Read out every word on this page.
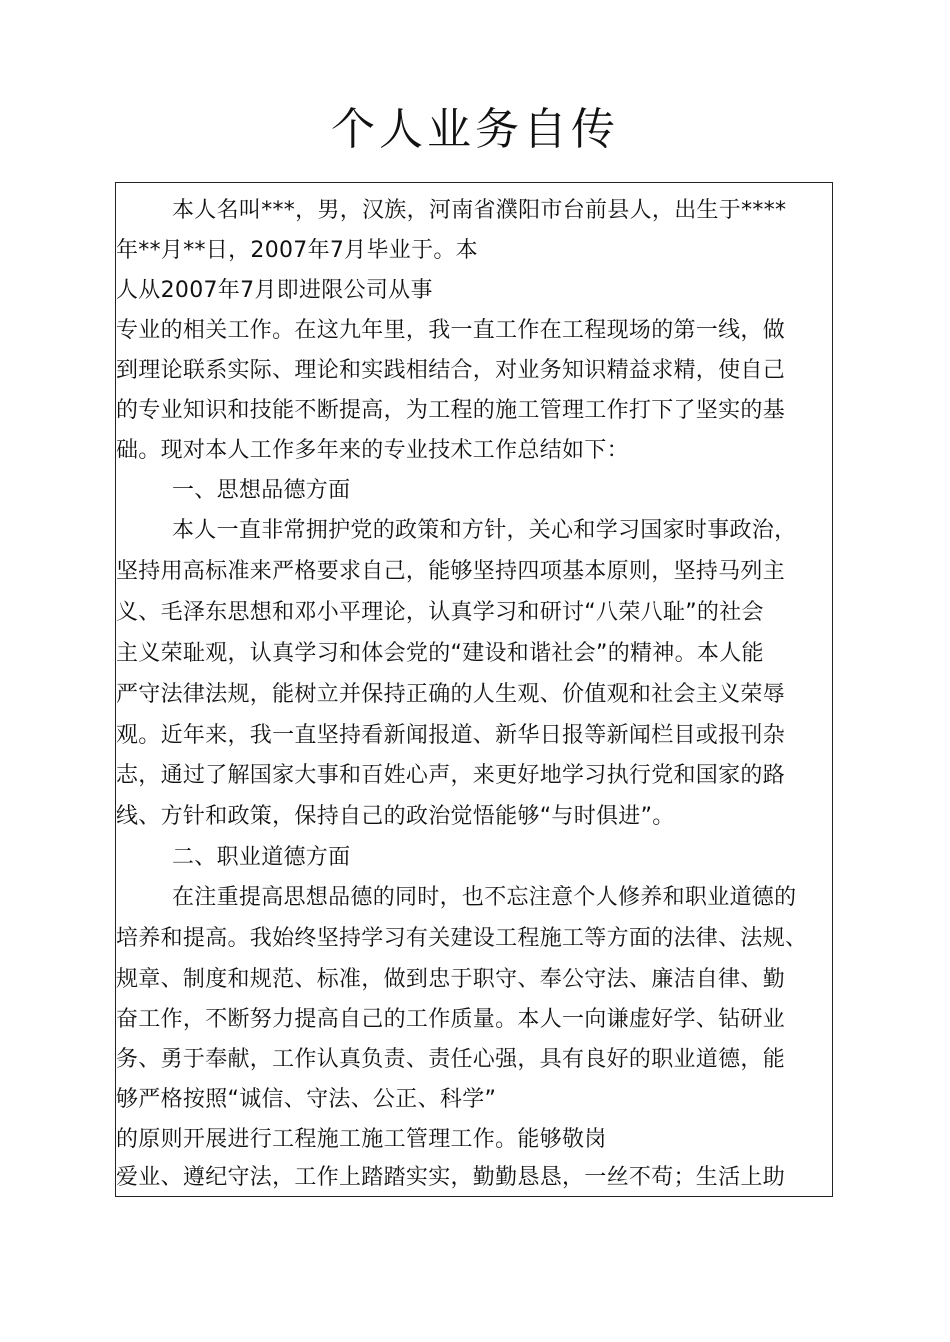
个人业务自传
本人名叫***，男，汉族，河南省濮阳市台前县人，出生于****
年**月**日，2007年7月毕业于。本
人从2007年7月即进限公司从事
专业的相关工作。在这九年里，我一直工作在工程现场的第一线，做
到理论联系实际、理论和实践相结合，对业务知识精益求精，使自己
的专业知识和技能不断提高，为工程的施工管理工作打下了坚实的基
础。现对本人工作多年来的专业技术工作总结如下：
一、思想品德方面
本人一直非常拥护党的政策和方针，关心和学习国家时事政治，
坚持用高标准来严格要求自己，能够坚持四项基本原则，坚持马列主
义、毛泽东思想和邓小平理论，认真学习和研讨“八荣八耻”的社会
主义荣耻观，认真学习和体会党的“建设和谐社会”的精神。本人能
严守法律法规，能树立并保持正确的人生观、价值观和社会主义荣辱
观。近年来，我一直坚持看新闻报道、新华日报等新闻栏目或报刊杂
志，通过了解国家大事和百姓心声，来更好地学习执行党和国家的路
线、方针和政策，保持自己的政治觉悟能够“与时俱进”。
二、职业道德方面
在注重提高思想品德的同时，也不忘注意个人修养和职业道德的
培养和提高。我始终坚持学习有关建设工程施工等方面的法律、法规、
规章、制度和规范、标准，做到忠于职守、奉公守法、廉洁自律、勤
奋工作，不断努力提高自己的工作质量。本人一向谦虚好学、钻研业
务、勇于奉献，工作认真负责、责任心强，具有良好的职业道德，能
够严格按照“诚信、守法、公正、科学”
的原则开展进行工程施工施工管理工作。能够敬岗
爱业、遵纪守法，工作上踏踏实实，勤勤恳恳，一丝不苟；生活上助
